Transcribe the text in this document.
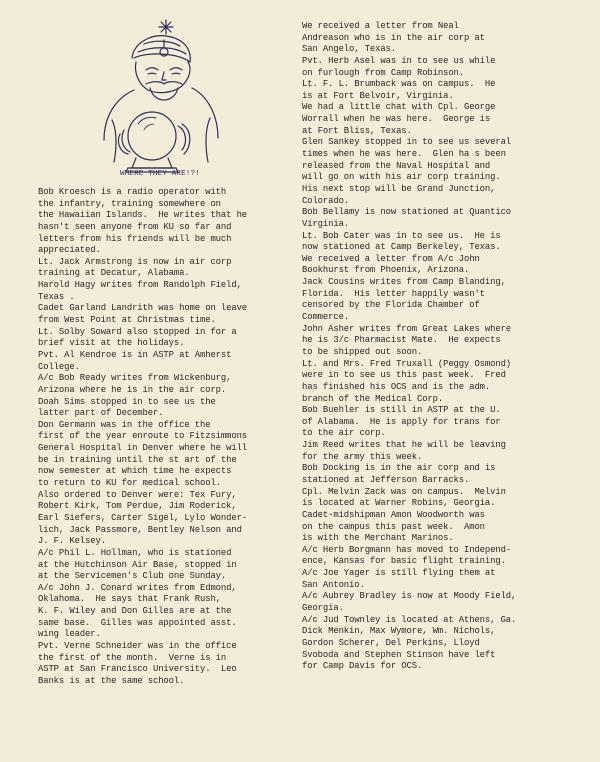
WHERE THEY ARE!?!
Bob Kroesch is a radio operator with
the infantry, training somewhere on
the Hawaiian Islands.  He writes that he
hasn't seen anyone from KU so far and
letters from his friends will be much
appreciated.
Lt. Jack Armstrong is now in air corp
training at Decatur, Alabama.
Harold Hagy writes from Randolph Field,
Texas .
Cadet Garland Landrith was home on leave
from West Point at Christmas time.
Lt. Solby Soward also stopped in for a
brief visit at the holidays.
Pvt. Al Kendroe is in ASTP at Amherst
College.
A/c Bob Ready writes from Wickenburg,
Arizona where he is in the air corp.
Doah Sims stopped in to see us the
latter part of December.
Don Germann was in the office the
first of the year enroute to Fitzsimmons
General Hospital in Denver where he will
be in training until the st art of the
now semester at which time he expects
to return to KU for medical school.
Also ordered to Denver were: Tex Fury,
Robert Kirk, Tom Perdue, Jim Roderick,
Earl Siefers, Carter Sigel, Lylo Wonder-
lich, Jack Passmore, Bentley Nelson and
J. F. Kelsey.
A/c Phil L. Hollman, who is stationed
at the Hutchinson Air Base, stopped in
at the Servicemen's Club one Sunday.
A/c John J. Conard writes from Edmond,
Oklahoma.  He says that Frank Rush,
K. F. Wiley and Don Gilles are at the
same base.  Gilles was appointed asst.
wing leader.
Pvt. Verne Schneider was in the office
the first of the month.  Verne is in
ASTP at San Francisco University.  Leo
Banks is at the same school.
We received a letter from Neal
Andreason who is in the air corp at
San Angelo, Texas.
Pvt. Herb Asel was in to see us while
on furlough from Camp Robinson.
Lt. F. L. Brumback was on campus.  He
is at Fort Belvoir, Virginia.
We had a little chat with Cpl. George
Worrall when he was here.  George is
at Fort Bliss, Texas.
Glen Sankey stopped in to see us several
times when he was here.  Glen ha s been
released from the Naval Hospital and
will go on with his air corp training.
His next stop will be Grand Junction,
Colorado.
Bob Bellamy is now stationed at Quantico
Virginia.
Lt. Bob Cater was in to see us.  He is
now stationed at Camp Berkeley, Texas.
We received a letter from A/c John
Bookhurst from Phoenix, Arizona.
Jack Cousins writes from Camp Blanding,
Florida.  His letter happily wasn't
censored by the Florida Chamber of
Commerce.
John Asher writes from Great Lakes where
he is 3/c Pharmacist Mate.  He expects
to be shipped out soon.
Lt. and Mrs. Fred Truxall (Peggy Osmond)
were in to see us this past week.  Fred
has finished his OCS and is the adm.
branch of the Medical Corp.
Bob Buehler is still in ASTP at the U.
of Alabama.  He is apply for trans for
to the air corp.
Jim Reed writes that he will be leaving
for the army this week.
Bob Docking is in the air corp and is
stationed at Jefferson Barracks.
Cpl. Melvin Zack was on campus.  Melvin
is located at Warner Robins, Georgia.
Cadet-midshipman Amon Woodworth was
on the campus this past week.  Amon
is with the Merchant Marinos.
A/c Herb Borgmann has moved to Independ-
ence, Kansas for basic flight training.
A/c Joe Yager is still flying them at
San Antonio.
A/c Aubrey Bradley is now at Moody Field,
Georgia.
A/c Jud Townley is located at Athens, Ga.
Dick Menkin, Max Wymore, Wm. Nichols,
Gordon Scherer, Del Perkins, Lloyd
Svoboda and Stephen Stinson have left
for Camp Davis for OCS.
